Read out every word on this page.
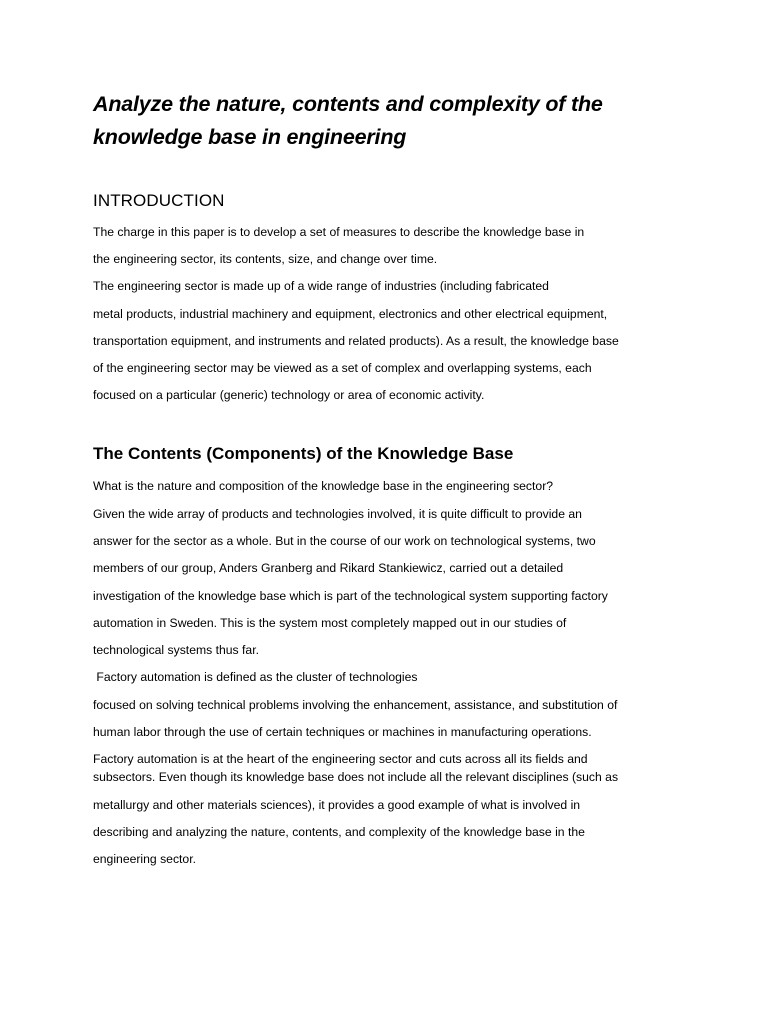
Analyze the nature, contents and complexity of the knowledge base in engineering
INTRODUCTION

The charge in this paper is to develop a set of measures to describe the knowledge base in

the engineering sector, its contents, size, and change over time.

The engineering sector is made up of a wide range of industries (including fabricated

metal products, industrial machinery and equipment, electronics and other electrical equipment,

transportation equipment, and instruments and related products). As a result, the knowledge base

of the engineering sector may be viewed as a set of complex and overlapping systems, each

focused on a particular (generic) technology or area of economic activity.

The Contents (Components) of the Knowledge Base

What is the nature and composition of the knowledge base in the engineering sector?

Given the wide array of products and technologies involved, it is quite difficult to provide an

answer for the sector as a whole. But in the course of our work on technological systems, two

members of our group, Anders Granberg and Rikard Stankiewicz, carried out a detailed

investigation of the knowledge base which is part of the technological system supporting factory

automation in Sweden. This is the system most completely mapped out in our studies of

technological systems thus far.

Factory automation is defined as the cluster of technologies

focused on solving technical problems involving the enhancement, assistance, and substitution of

human labor through the use of certain techniques or machines in manufacturing operations.

Factory automation is at the heart of the engineering sector and cuts across all its fields and

subsectors. Even though its knowledge base does not include all the relevant disciplines (such as

metallurgy and other materials sciences), it provides a good example of what is involved in

describing and analyzing the nature, contents, and complexity of the knowledge base in the

engineering sector.
